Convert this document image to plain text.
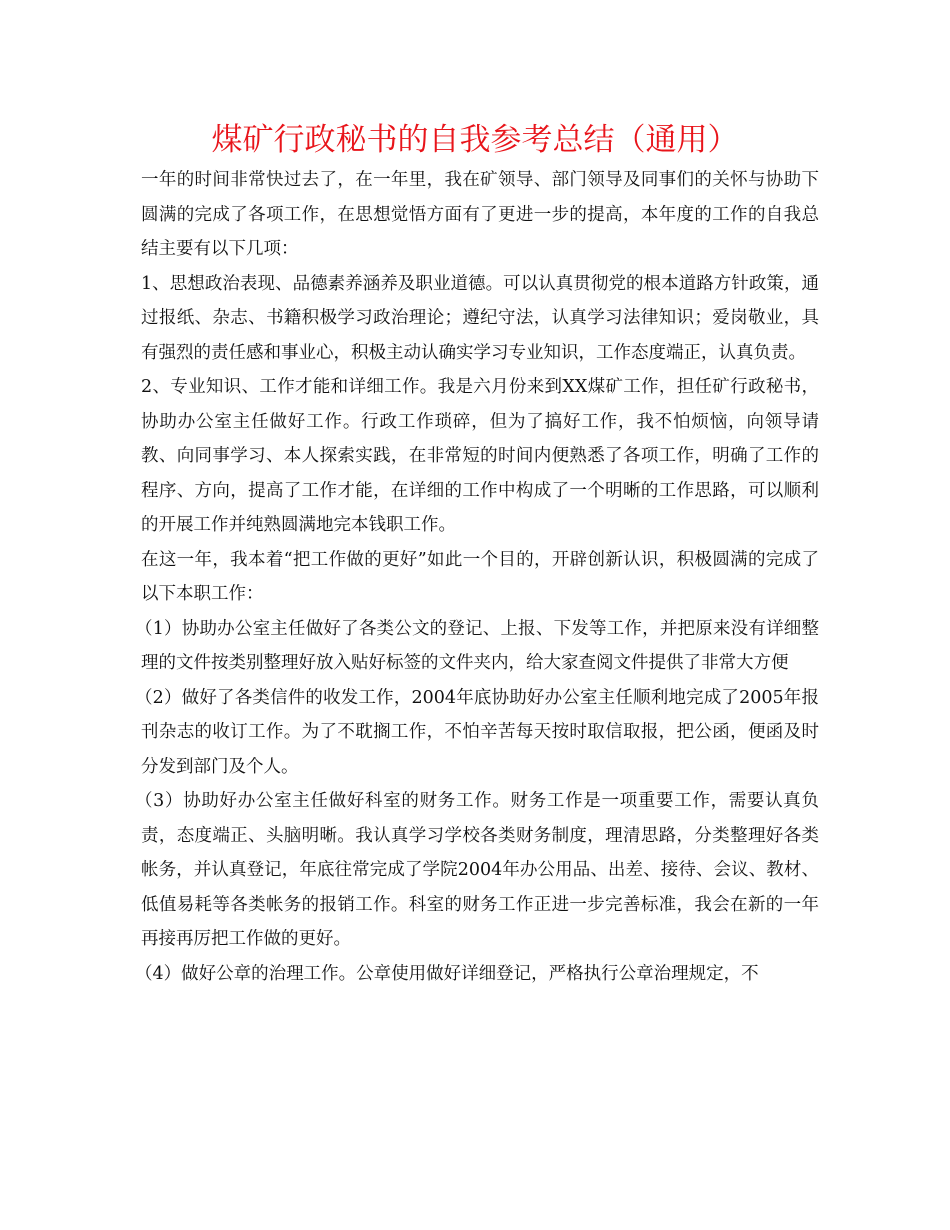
煤矿行政秘书的自我参考总结（通用）

一年的时间非常快过去了，在一年里，我在矿领导、部门领导及同事们的关怀与协助下圆满的完成了各项工作，在思想觉悟方面有了更进一步的提高，本年度的工作的自我总结主要有以下几项：

1、思想政治表现、品德素养涵养及职业道德。可以认真贯彻党的根本道路方针政策，通过报纸、杂志、书籍积极学习政治理论；遵纪守法，认真学习法律知识；爱岗敬业，具有强烈的责任感和事业心，积极主动认确实学习专业知识，工作态度端正，认真负责。

2、专业知识、工作才能和详细工作。我是六月份来到XX煤矿工作，担任矿行政秘书，协助办公室主任做好工作。行政工作琐碎，但为了搞好工作，我不怕烦恼，向领导请教、向同事学习、本人探索实践，在非常短的时间内便熟悉了各项工作，明确了工作的程序、方向，提高了工作才能，在详细的工作中构成了一个明晰的工作思路，可以顺利的开展工作并纯熟圆满地完本钱职工作。

在这一年，我本着“把工作做的更好”如此一个目的，开辟创新认识，积极圆满的完成了以下本职工作：

（1）协助办公室主任做好了各类公文的登记、上报、下发等工作，并把原来没有详细整理的文件按类别整理好放入贴好标签的文件夹内，给大家查阅文件提供了非常大方便

（2）做好了各类信件的收发工作，2004年底协助好办公室主任顺利地完成了2005年报刊杂志的收订工作。为了不耽搁工作，不怕辛苦每天按时取信取报，把公函，便函及时分发到部门及个人。

（3）协助好办公室主任做好科室的财务工作。财务工作是一项重要工作，需要认真负责，态度端正、头脑明晰。我认真学习学校各类财务制度，理清思路，分类整理好各类帐务，并认真登记，年底往常完成了学院2004年办公用品、出差、接待、会议、教材、低值易耗等各类帐务的报销工作。科室的财务工作正进一步完善标准，我会在新的一年再接再厉把工作做的更好。

（4）做好公章的治理工作。公章使用做好详细登记，严格执行公章治理规定，不
